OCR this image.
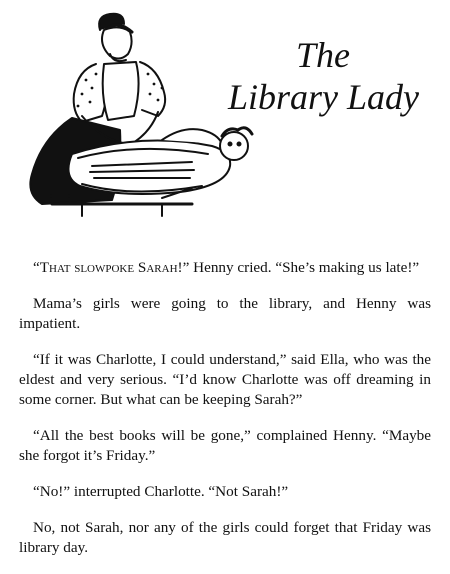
The
Library Lady

“That slowpoke Sarah!” Henny cried. “She’s making us late!”

Mama’s girls were going to the library, and Henny was impatient.

“If it was Charlotte, I could understand,” said Ella, who was the eldest and very serious. “I’d know Charlotte was off dreaming in some corner. But what can be keeping Sarah?”

“All the best books will be gone,” complained Henny. “Maybe she forgot it’s Friday.”

“No!” interrupted Charlotte. “Not Sarah!”

No, not Sarah, nor any of the girls could forget that Friday was library day.
